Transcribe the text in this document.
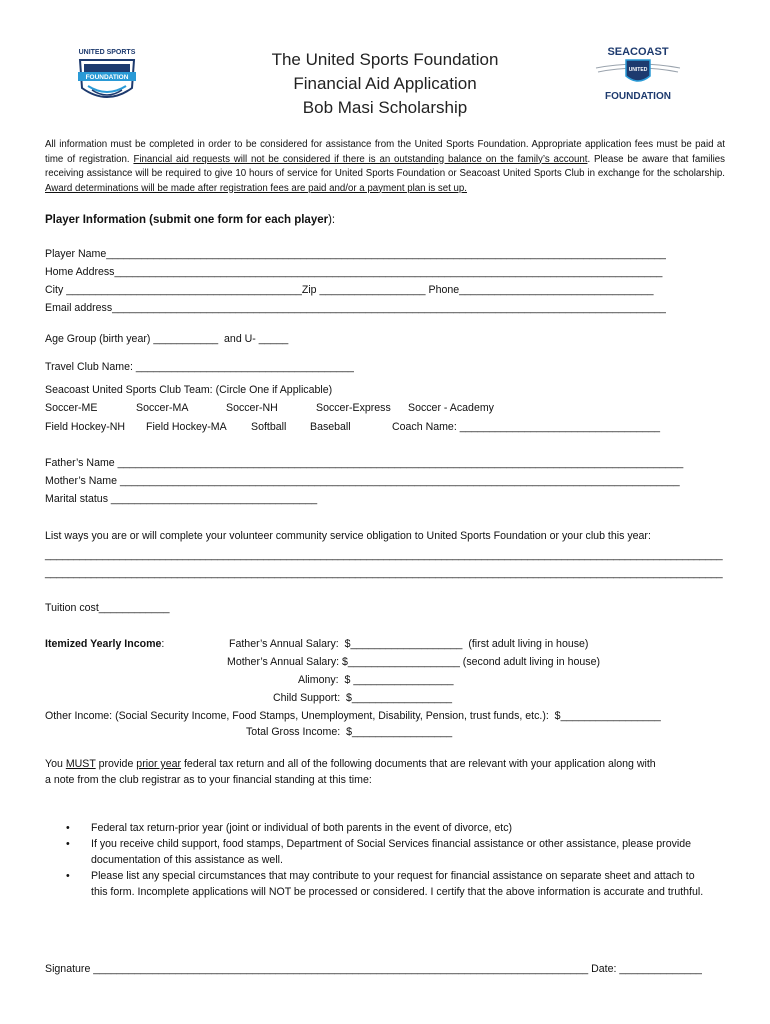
FOUNDATION
UNITED SPORTS	SEACOAST
UNITED
FOUNDATION
The United Sports Foundation
Financial Aid Application
Bob Masi Scholarship
All information must be completed in order to be considered for assistance from the United Sports Foundation. Appropriate application fees must be paid at time of registration. Financial aid requests will not be considered if there is an outstanding balance on the family’s account. Please be aware that families receiving assistance will be required to give 10 hours of service for United Sports Foundation or Seacoast United Sports Club in exchange for the scholarship. Award determinations will be made after registration fees are paid and/or a payment plan is set up.
Player Information (submit one form for each player):
Player Name_______________________________________________________________________________________________
Home Address_____________________________________________________________________________________________
City ________________________________________Zip __________________ Phone_________________________________
Email address______________________________________________________________________________________________
Age Group (birth year) ___________  and U- _____
Travel Club Name: _____________________________________
Seacoast United Sports Club Team: (Circle One if Applicable)
Soccer-ME	Soccer-MA	Soccer-NH	Soccer-Express Soccer - Academy
Field Hockey-NH Field Hockey-MA Softball Baseball	Coach Name: __________________________________
Father’s Name ________________________________________________________________________________________________
Mother’s Name _______________________________________________________________________________________________
Marital status ___________________________________
List ways you are or will complete your volunteer community service obligation to United Sports Foundation or your club this year:
______________________________________________________________________________________________________________________
______________________________________________________________________________________________________________________
Tuition cost____________
Itemized Yearly Income:	Father’s Annual Salary:  $___________________  (first adult living in house)
Mother’s Annual Salary: $___________________ (second adult living in house)
Alimony:  $ _________________
Child Support:  $_________________
Other Income: (Social Security Income, Food Stamps, Unemployment, Disability, Pension, trust funds, etc.):  $_________________
Total Gross Income:  $_________________
You MUST provide prior year federal tax return and all of the following documents that are relevant with your application along with
a note from the club registrar as to your financial standing at this time:
• Federal tax return-prior year (joint or individual of both parents in the event of divorce, etc)
• If you receive child support, food stamps, Department of Social Services financial assistance or other assistance, please provide documentation of this assistance as well.
• Please list any special circumstances that may contribute to your request for financial assistance on separate sheet and attach to this form. Incomplete applications will NOT be processed or considered. I certify that the above information is accurate and truthful.
Signature ____________________________________________________________________________________ Date: ______________
